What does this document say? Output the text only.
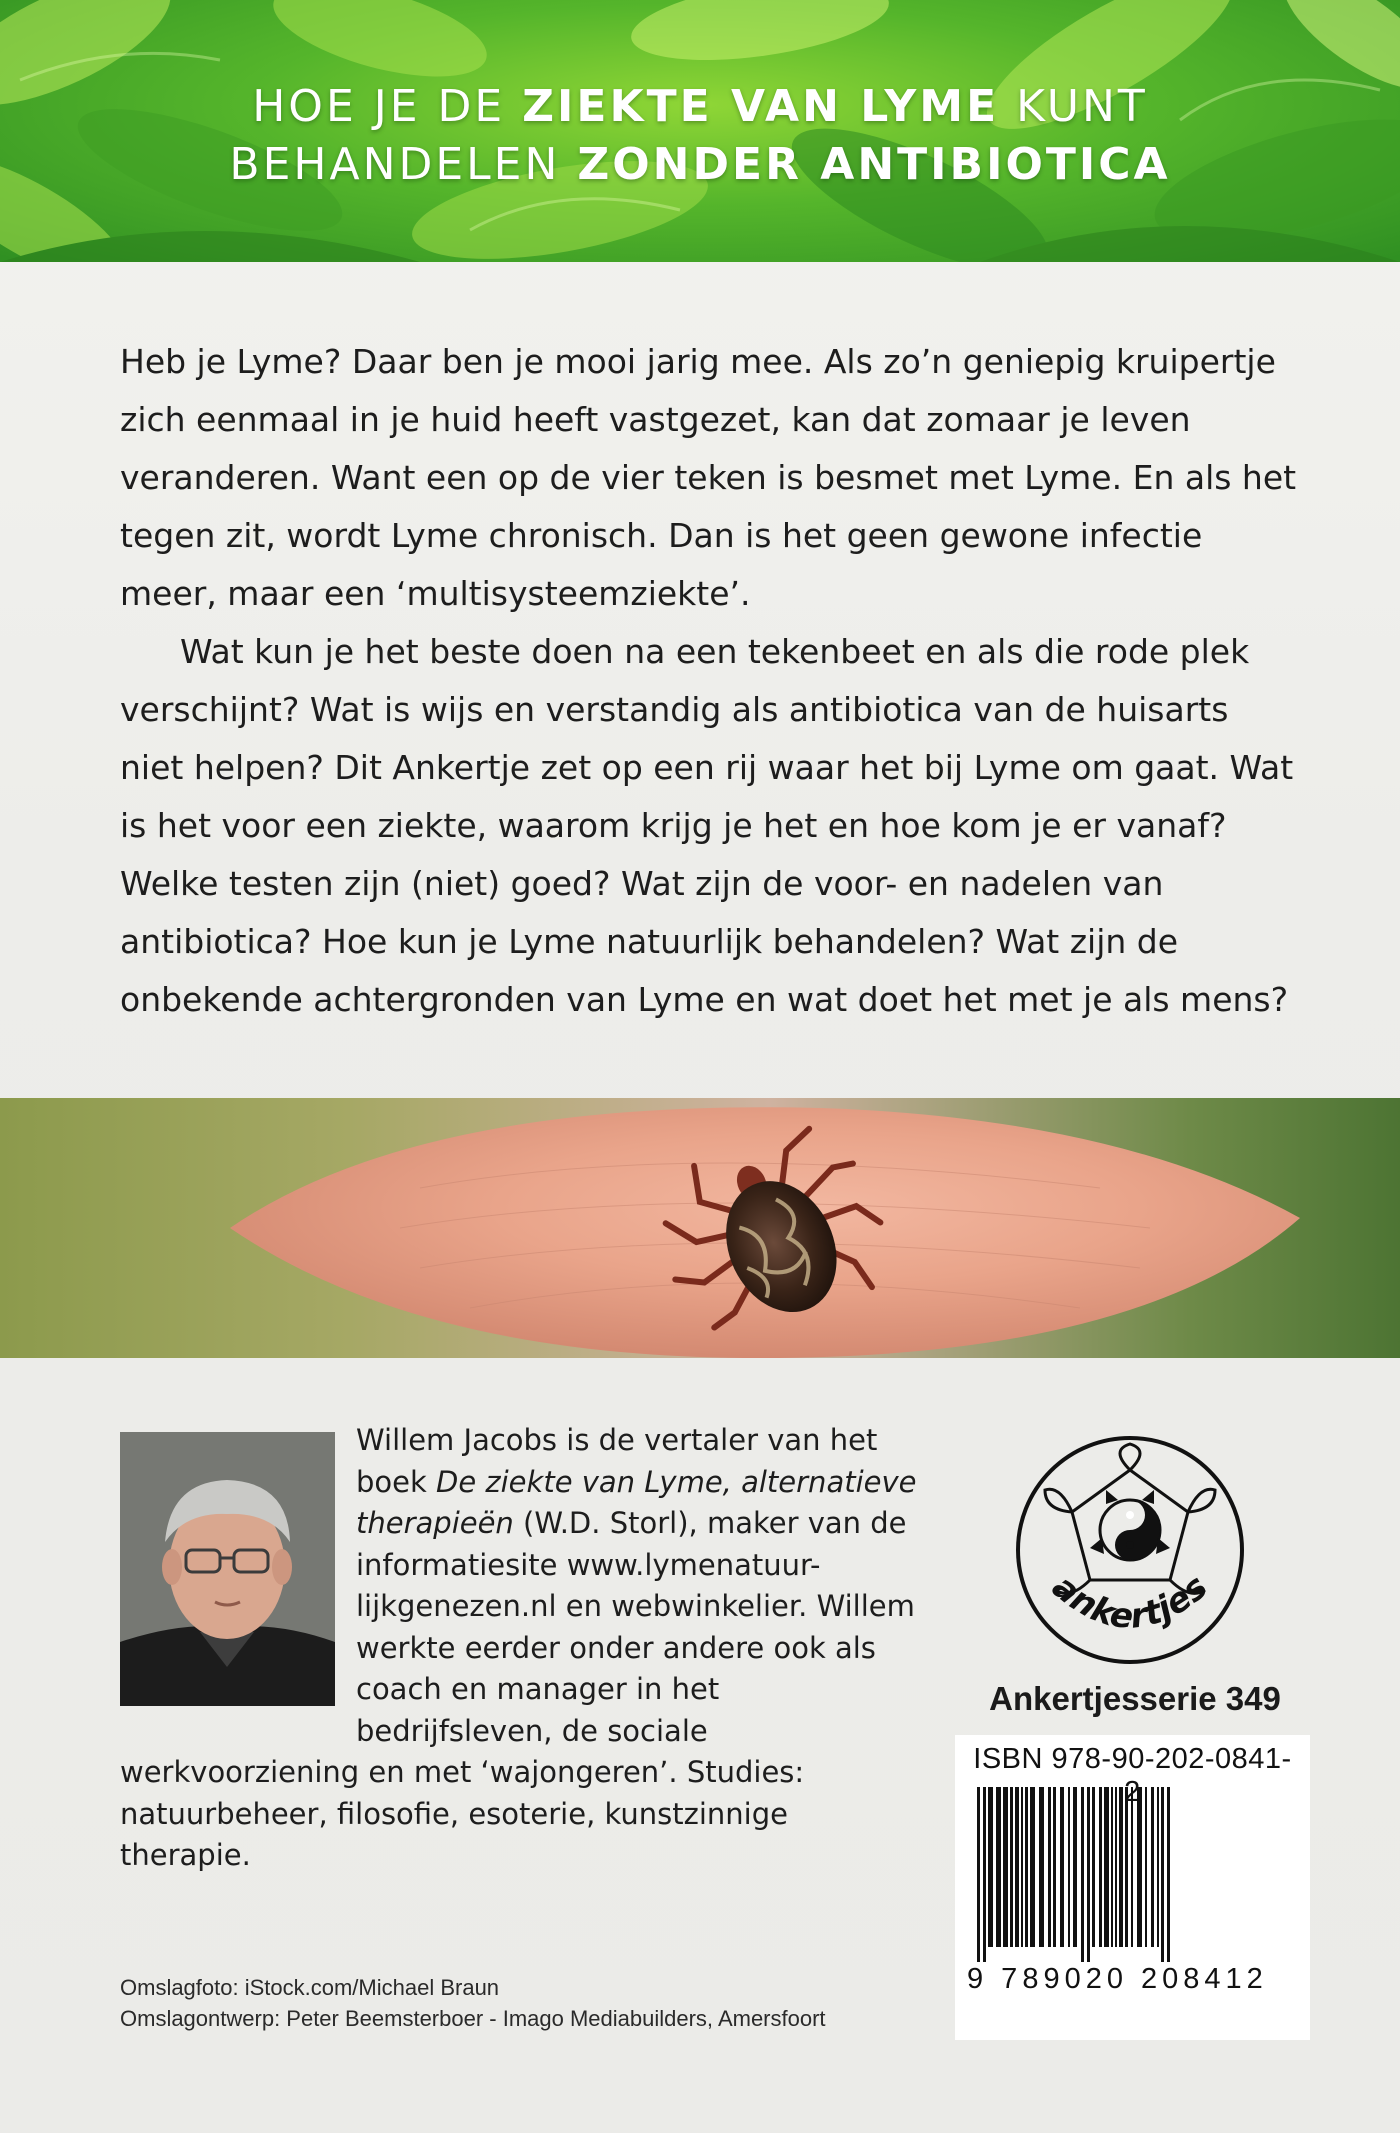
HOE JE DE ZIEKTE VAN LYME KUNT
BEHANDELEN ZONDER ANTIBIOTICA

Heb je Lyme? Daar ben je mooi jarig mee. Als zo’n geniepig kruipertje zich eenmaal in je huid heeft vastgezet, kan dat zomaar je leven veranderen. Want een op de vier teken is besmet met Lyme. En als het tegen zit, wordt Lyme chronisch. Dan is het geen gewone infectie meer, maar een ‘multisysteemziekte’.

Wat kun je het beste doen na een tekenbeet en als die rode plek verschijnt? Wat is wijs en verstandig als antibiotica van de huisarts niet helpen? Dit Ankertje zet op een rij waar het bij Lyme om gaat. Wat is het voor een ziekte, waarom krijg je het en hoe kom je er vanaf? Welke testen zijn (niet) goed? Wat zijn de voor- en nadelen van antibiotica? Hoe kun je Lyme natuurlijk behandelen? Wat zijn de onbekende achtergronden van Lyme en wat doet het met je als mens?

Willem Jacobs is de vertaler van het boek De ziekte van Lyme, alternatieve therapieën (W.D. Storl), maker van de informatiesite www.lymenatuur-lijkgenezen.nl en webwinkelier. Willem werkte eerder onder andere ook als coach en manager in het bedrijfsleven, de sociale werkvoorziening en met ‘wajongeren’. Studies: natuurbeheer, filosofie, esoterie, kunstzinnige therapie.
ankertjes
Ankertjesserie 349
ISBN 978-90-202-0841-2
9 789020 208412
Omslagfoto: iStock.com/Michael Braun
Omslagontwerp: Peter Beemsterboer - Imago Mediabuilders, Amersfoort
